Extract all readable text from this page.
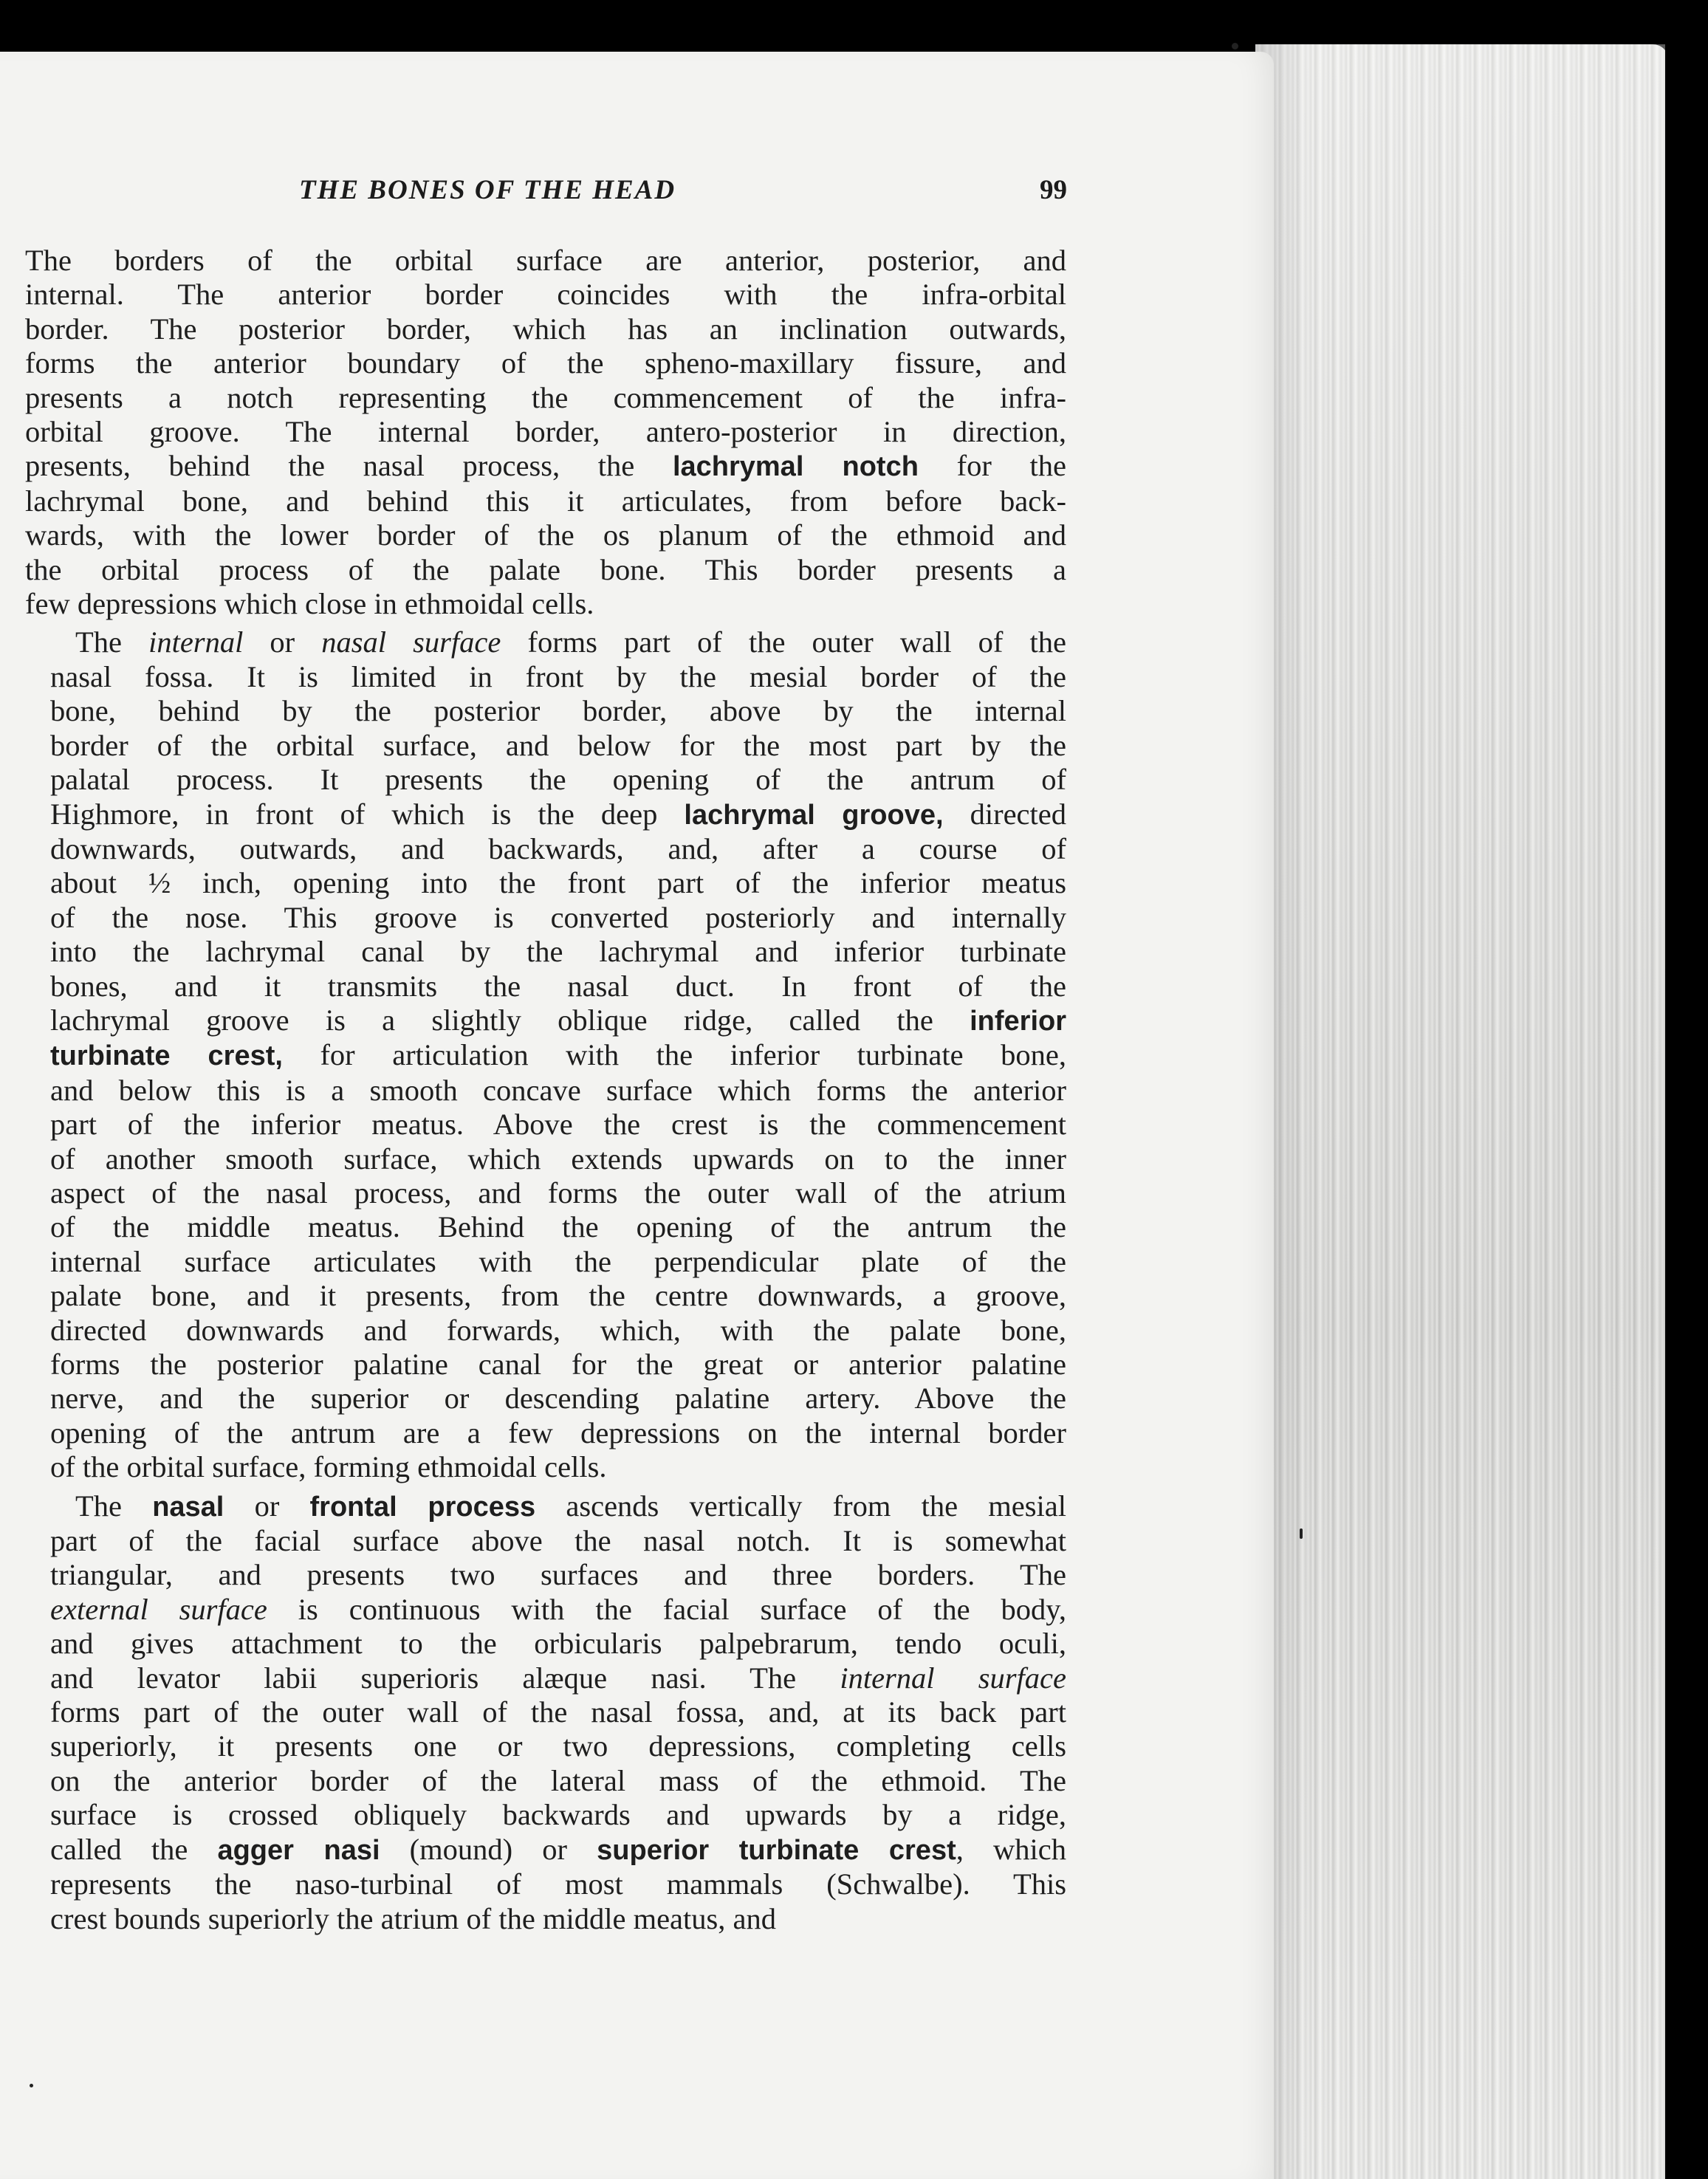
THE BONES OF THE HEAD	99
The borders of the orbital surface are anterior, posterior, and
internal. The anterior border coincides with the infra-orbital
border. The posterior border, which has an inclination outwards,
forms the anterior boundary of the spheno-maxillary fissure, and
presents a notch representing the commencement of the infra-
orbital groove. The internal border, antero-posterior in direction,
presents, behind the nasal process, the lachrymal notch for the
lachrymal bone, and behind this it articulates, from before back-
wards, with the lower border of the os planum of the ethmoid and
the orbital process of the palate bone. This border presents a
few depressions which close in ethmoidal cells.
The internal or nasal surface forms part of the outer wall of the
nasal fossa. It is limited in front by the mesial border of the
bone, behind by the posterior border, above by the internal
border of the orbital surface, and below for the most part by the
palatal process. It presents the opening of the antrum of
Highmore, in front of which is the deep lachrymal groove, directed
downwards, outwards, and backwards, and, after a course of
about ½ inch, opening into the front part of the inferior meatus
of the nose. This groove is converted posteriorly and internally
into the lachrymal canal by the lachrymal and inferior turbinate
bones, and it transmits the nasal duct. In front of the
lachrymal groove is a slightly oblique ridge, called the inferior
turbinate crest, for articulation with the inferior turbinate bone,
and below this is a smooth concave surface which forms the anterior
part of the inferior meatus. Above the crest is the commencement
of another smooth surface, which extends upwards on to the inner
aspect of the nasal process, and forms the outer wall of the atrium
of the middle meatus. Behind the opening of the antrum the
internal surface articulates with the perpendicular plate of the
palate bone, and it presents, from the centre downwards, a groove,
directed downwards and forwards, which, with the palate bone,
forms the posterior palatine canal for the great or anterior palatine
nerve, and the superior or descending palatine artery. Above the
opening of the antrum are a few depressions on the internal border
of the orbital surface, forming ethmoidal cells.
The nasal or frontal process ascends vertically from the mesial
part of the facial surface above the nasal notch. It is somewhat
triangular, and presents two surfaces and three borders. The
external surface is continuous with the facial surface of the body,
and gives attachment to the orbicularis palpebrarum, tendo oculi,
and levator labii superioris alæque nasi. The internal surface
forms part of the outer wall of the nasal fossa, and, at its back part
superiorly, it presents one or two depressions, completing cells
on the anterior border of the lateral mass of the ethmoid. The
surface is crossed obliquely backwards and upwards by a ridge,
called the agger nasi (mound) or superior turbinate crest, which
represents the naso-turbinal of most mammals (Schwalbe). This
crest bounds superiorly the atrium of the middle meatus, and
